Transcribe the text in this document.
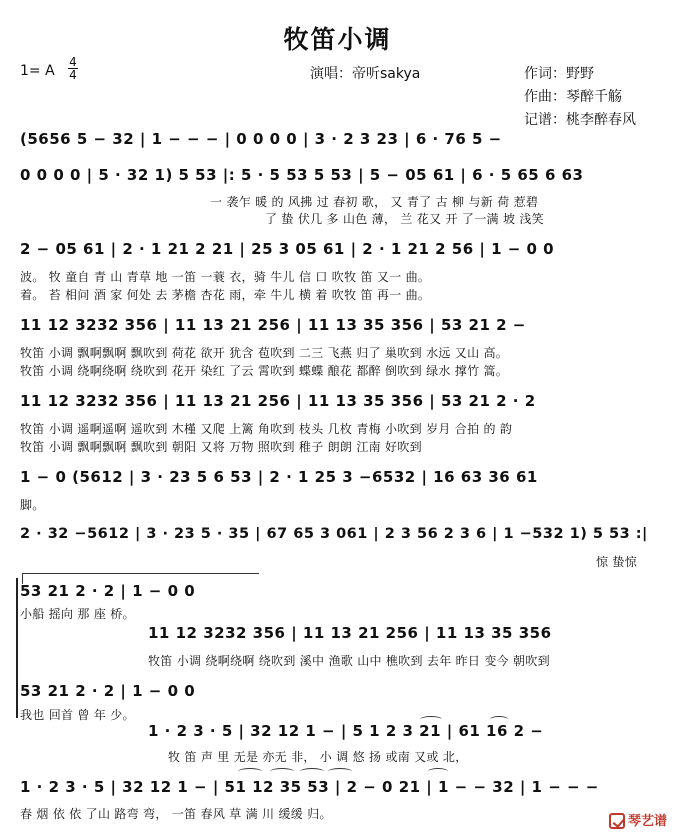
牧笛小调
1= A
4
4	演唱：帝听sakya	作词：野野
作曲：琴醉千觞
记谱：桃李醉春风
(5656 5 − 32 | 1 − − − | 0 0 0 0 | 3 · 2 3 23 | 6 · 76 5 −
0 0 0 0 | 5 · 32 1) 5 53 |: 5 · 5 53 5 53 | 5 − 05 61 | 6 · 5 65 6 63
一 袭乍 暖 的 风拂 过 春初 歌， 又 青了 古 柳 与新 荷 惹碧
了 蛰 伏几 多 山色 薄， 兰 花又 开 了一满 坡 浅笑
2 − 05 61 | 2 · 1 21 2 21 | 25 3 05 61 | 2 · 1 21 2 56 | 1 − 0 0
波。 牧 童自 青 山 青草 地 一笛 一蓑 衣，骑 牛儿 信 口 吹牧 笛 又一 曲。
着。 苔 相问 酒 家 何处 去 茅檐 杏花 雨，牵 牛儿 横 着 吹牧 笛 再一 曲。
11 12 3232 356 | 11 13 21 256 | 11 13 35 356 | 53 21 2 −
牧笛 小调 飘啊飘啊 飘吹到 荷花 欲开 犹含 苞吹到 二三 飞燕 归了 巢吹到 水远 又山 高。
牧笛 小调 绕啊绕啊 绕吹到 花开 染红 了云 霄吹到 蝶蝶 酿花 都醉 倒吹到 绿水 撑竹 篙。
11 12 3232 356 | 11 13 21 256 | 11 13 35 356 | 53 21 2 · 2
牧笛 小调 遥啊遥啊 遥吹到 木槿 又爬 上篱 角吹到 枝头 几枚 青梅 小吹到 岁月 合拍 的 韵
牧笛 小调 飘啊飘啊 飘吹到 朝阳 又将 万物 照吹到 稚子 朗朗 江南 好吹到
1 − 0 (5612 | 3 · 23 5 6 53 | 2 · 1 25 3 −6532 | 16 63 36 61
脚。
2 · 32 −5612 | 3 · 23 5 · 35 | 67 65 3 061 | 2 3 56 2 3 6 | 1 −532 1) 5 53 :|
惊 蛰惊
53 21 2 · 2 | 1 − 0 0
小船 摇向 那 座 桥。
11 12 3232 356 | 11 13 21 256 | 11 13 35 356
牧笛 小调 绕啊绕啊 绕吹到 溪中 渔歌 山中 樵吹到 去年 昨日 变今 朝吹到
53 21 2 · 2 | 1 − 0 0
我也 回首 曾 年 少。
1 · 2 3 · 5 | 32 12 1 − | 5 1 2 3 21 | 61 16 2 −
牧 笛 声 里 无是 亦无 非， 小 调 悠 扬 或南 又或 北，
1 · 2 3 · 5 | 32 12 1 − | 51 12 35 53 | 2 − 0 21 | 1 − − 32 | 1 − − −
春 烟 依 依 了山 路弯 弯， 一笛 春风 草 满 川 缓缓 归。	琴艺谱
